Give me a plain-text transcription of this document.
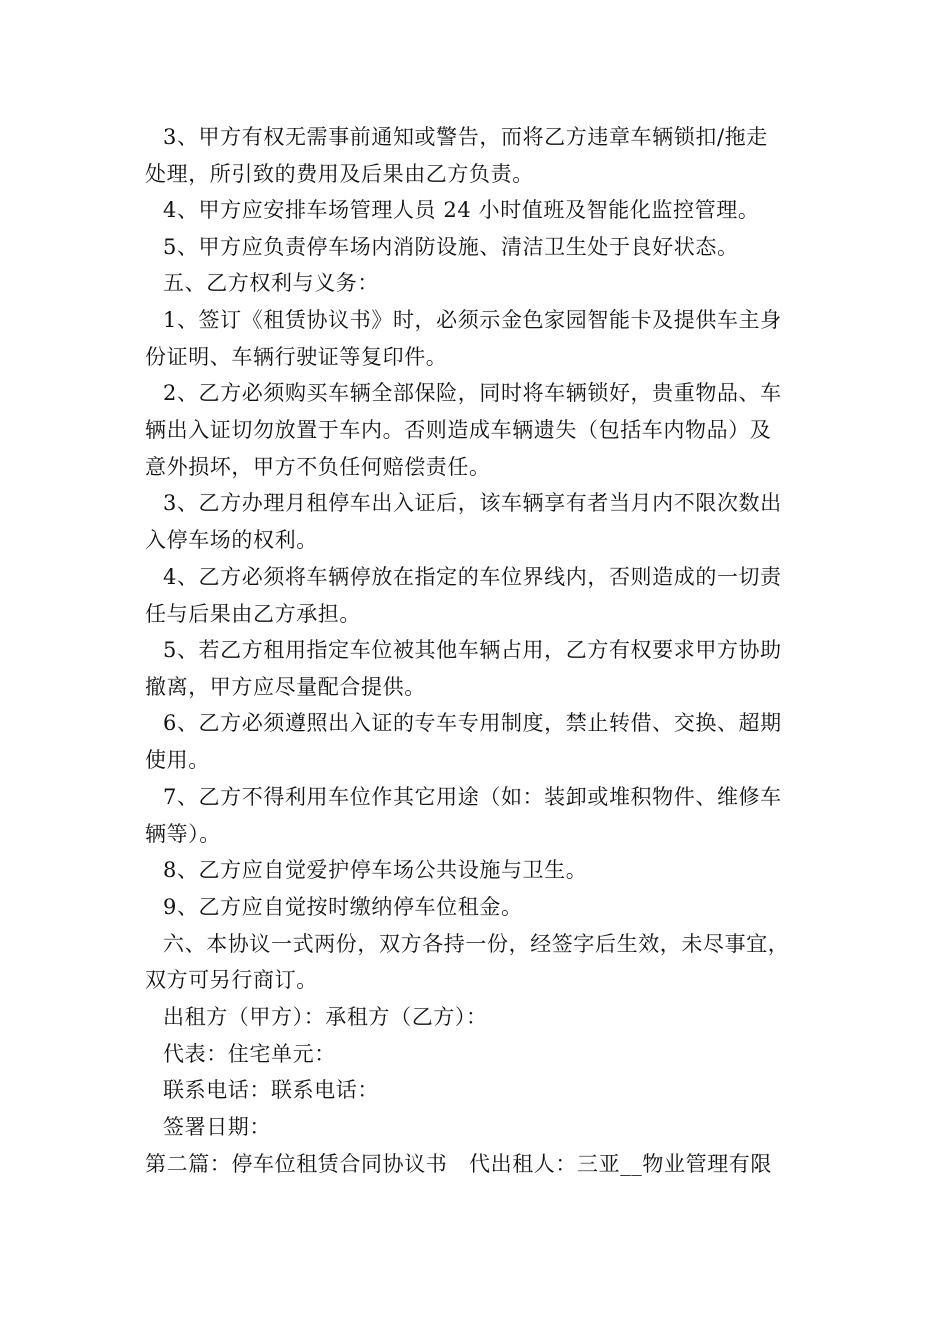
3、甲方有权无需事前通知或警告，而将乙方违章车辆锁扣/拖走
处理，所引致的费用及后果由乙方负责。
4、甲方应安排车场管理人员 24 小时值班及智能化监控管理。
5、甲方应负责停车场内消防设施、清洁卫生处于良好状态。
五、乙方权利与义务：
1、签订《租赁协议书》时，必须示金色家园智能卡及提供车主身
份证明、车辆行驶证等复印件。
2、乙方必须购买车辆全部保险，同时将车辆锁好，贵重物品、车
辆出入证切勿放置于车内。否则造成车辆遗失（包括车内物品）及
意外损坏，甲方不负任何赔偿责任。
3、乙方办理月租停车出入证后，该车辆享有者当月内不限次数出
入停车场的权利。
4、乙方必须将车辆停放在指定的车位界线内，否则造成的一切责
任与后果由乙方承担。
5、若乙方租用指定车位被其他车辆占用，乙方有权要求甲方协助
撤离，甲方应尽量配合提供。
6、乙方必须遵照出入证的专车专用制度，禁止转借、交换、超期
使用。
7、乙方不得利用车位作其它用途（如：装卸或堆积物件、维修车
辆等）。
8、乙方应自觉爱护停车场公共设施与卫生。
9、乙方应自觉按时缴纳停车位租金。
六、本协议一式两份，双方各持一份，经签字后生效，未尽事宜，
双方可另行商订。
出租方（甲方）：承租方（乙方）：
代表：住宅单元：
联系电话：联系电话：
签署日期：
第二篇：停车位租赁合同协议书　代出租人：三亚__物业管理有限
